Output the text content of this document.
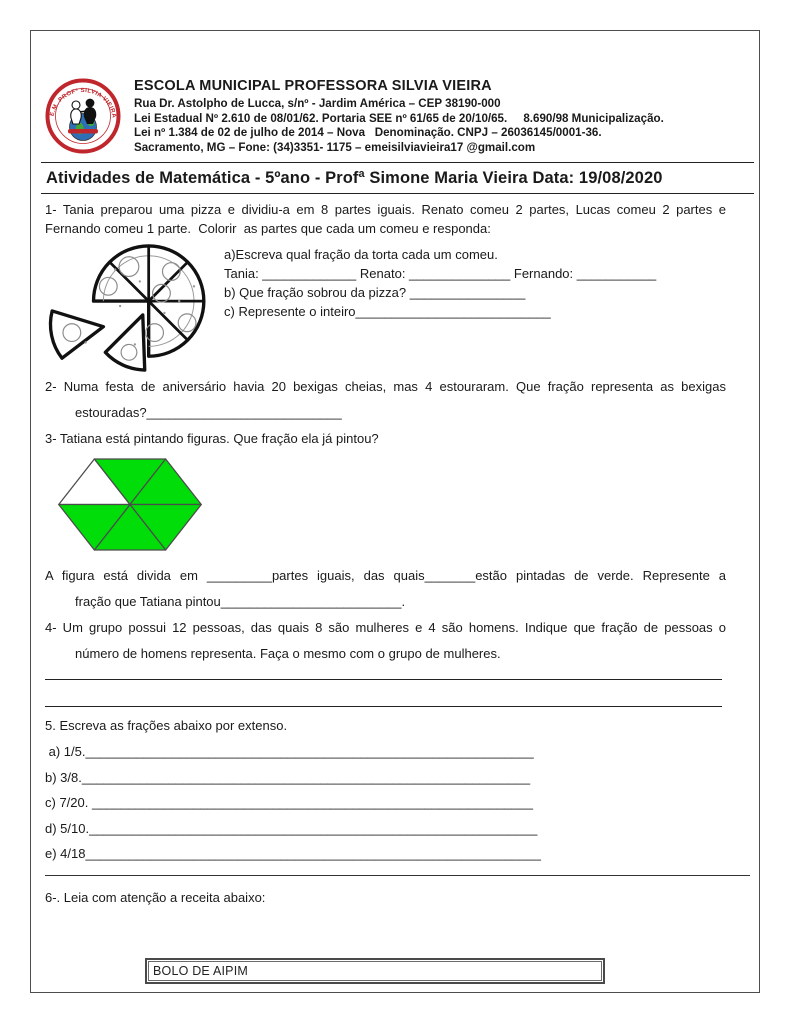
E.M. PROFª SILVIA VIEIRA
ESCOLA MUNICIPAL PROFESSORA SILVIA VIEIRA
Rua Dr. Astolpho de Lucca, s/nº - Jardim América – CEP 38190-000
Lei Estadual Nº 2.610 de 08/01/62. Portaria SEE nº 61/65 de 20/10/65.     8.690/98 Municipalização.
Lei nº 1.384 de 02 de julho de 2014 – Nova   Denominação. CNPJ – 26036145/0001-36.
Sacramento, MG – Fone: (34)3351- 1175 – emeisilviavieira17 @gmail.com
Atividades de Matemática - 5ºano - Profª Simone Maria Vieira Data: 19/08/2020
1- Tania preparou uma pizza e dividiu-a em 8 partes iguais. Renato comeu 2 partes, Lucas comeu 2 partes e
Fernando comeu 1 parte.  Colorir  as partes que cada um comeu e responda:
a)Escreva qual fração da torta cada um comeu.
Tania: _____________ Renato: ______________ Fernando: ___________
b) Que fração sobrou da pizza? ________________
c) Represente o inteiro___________________________
2- Numa festa de aniversário havia 20 bexigas cheias, mas 4 estouraram. Que fração representa as bexigas
estouradas?___________________________
3- Tatiana está pintando figuras. Que fração ela já pintou?
A figura está divida em _________partes iguais, das quais_______estão pintadas de verde. Represente a
fração que Tatiana pintou_________________________.
4- Um grupo possui 12 pessoas, das quais 8 são mulheres e 4 são homens. Indique que fração de pessoas o
número de homens representa. Faça o mesmo com o grupo de mulheres.
5. Escreva as frações abaixo por extenso.
a) 1/5.______________________________________________________________
b) 3/8.______________________________________________________________
c) 7/20. _____________________________________________________________
d) 5/10.______________________________________________________________
e) 4/18_______________________________________________________________
6-. Leia com atenção a receita abaixo:
BOLO DE AIPIM
